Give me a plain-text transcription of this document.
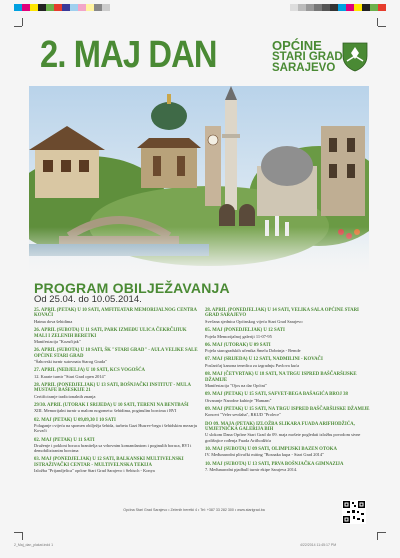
2. MAJ DAN	OPĆINE
STARI GRAD
SARAJEVO
PROGRAM OBILJEŽAVANJA
Od 25.04. do 10.05.2014.
25. APRIL (PETAK) U 10 SATI, AMFITEATAR MEMORIJALNOG CENTRA KOVAČI
Hatma dova šehidima
26. APRIL (SUBOTA) U 11 SATI, PARK IZMEĐU ULICA ČEKRČIJIUK MALI I ZELENIH BERETKI
Manifestacija "Kozučijak"
26. APRIL (SUBOTA) U 18 SATI, ŠK "STARI GRAD" - AULA VELIKE SALE OPĆINE STARI GRAD
"Šahovski turnir sutovnata Starog Grada"
27. APRIL (NEDJELJA) U 10 SATI, KCS VOGOŠĆA
12. Karate turnir "Stari Grad open 2014"
28. APRIL (PONEDJELJAK) U 13 SATI, BOŠNJAČKI INSTITUT - MULA MUSTAFE BAŠESKIJE 21
Certificiranje tradicionalnih znanja
29/30. APRIL (UTORAK I SRIJEDA) U 10 SATI, TERENI NA BENTBAŠI
XIII. Memorijalni turnir u malom nogometu: šehidima, poginulim borcima i RVI
02. MAJ (PETAK) U 09,09,30 I 10 SATI
Polaganje cvijeća na spomen obilježja šehida, turbeta Gazi Husrev-bega i šehidskim mezarju Kovači
02. MAJ (PETAK) U 11 SATI
Druženje i pokloni boraca branitelja sa vrhovnim komandantom i poginulih boraca, RVI i demobiliziranim borcima
03. MAJ (PONEDJELJAK) U 12 SATI, BALKANSKI MULTIVELNSKI ISTRAŽIVAČKI CENTAR - MULTIVELNSKA TEKIJA
Izložba "Prijandjelica" općine Stari Grad Sarajevo i Sebisch - Konya
28. APRIL (PONEDJELJAK) U 14 SATI, VELIKA SALA OPĆINE STARI GRAD SARAJEVO
Svečana sjednica Općinskog vijeća Stari Grad Sarajevo
05. MAJ (PONEDJELJAK) U 12 SATI
Pojela Memorijalnoj galeriji 11-07-95
06. MAJ (UTORAK) U 09 SATI
Pojela starogradskih učenika Šmelu Dobrinja - Bemde
07. MAJ (SRIJEDA) U 12 SATI, NADMILINI - KOVAČI
Poslaričaj kanona tenedica za izgradnju Pavlova kuća
08. MAJ (ČETVRTAK) U 18 SATI, NA TRGU ISPRED BAŠČARŠIJSKE DŽAMIJE
Manifestacija "Ojos na dar Općini"
09. MAJ (PETAK) U 15 SATI, SAFVET-BEGA BAŠAGIĆA BROJ 38
Otvaranje Narodne kuhinje "Hamam"
09. MAJ (PETAK) U 15 SATI, NA TRGU ISPRED BAŠČARŠIJSKE DŽAMIJE
Koncert "Veler sevdaha", RKUD "Prolece"
DO 09. MAJA (PETAK) IZLOŽBA SLIKARA FUADA ARIFHODŽIĆA, UMJETNIČKA GALERIJA BIH
U slokom Dana Općine Stari Grad do 09. maja mošete pogledati izložbu povodom sivne godišnjice rođenja Fuada Arifhodžića
10. MAJ (SUBOTA) U 09 SATI, OLIMPIJSKI BAZEN OTOKA
IV. Međunarodni plivački miting "Bosnaka kupa - Stari Grad 2014"
10. MAJ (SUBOTA) U 13 SATI, PRVA BOŠNJAČKA GIMNAZIJA
7. Međunarodni pjadbull turnir ekipe Sarajeva 2014.
Općina Stari Grad Sarajevo • Zelenih beretki 4 • Tel: +387 33 282 300 • www.starigrad.ba
2_Maj_dan_plakat.indd 1	4/22/2014 11:45:17 PM
